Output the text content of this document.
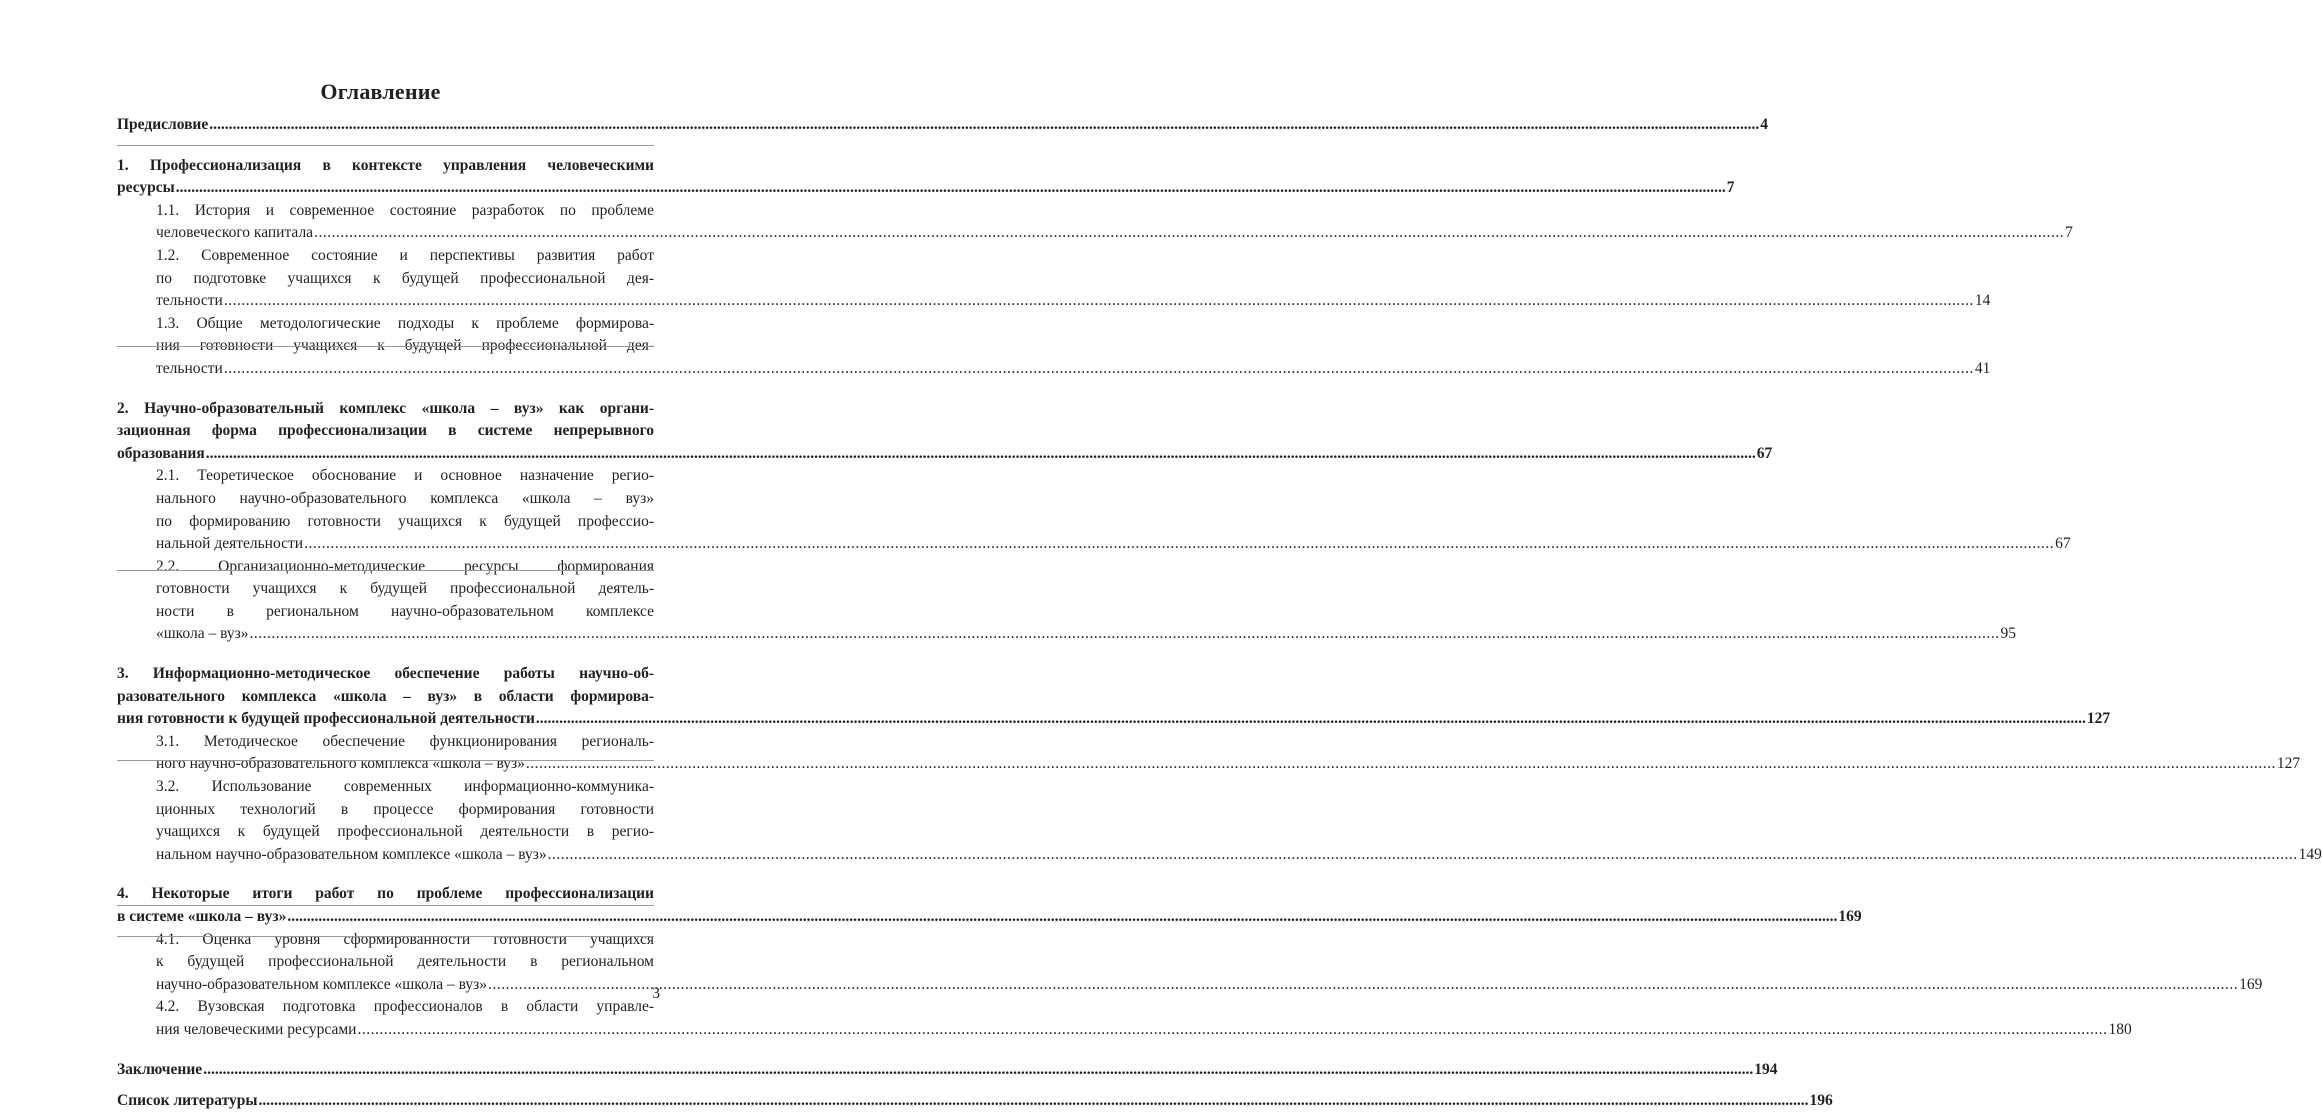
Оглавление
Предисловие .....	4
1. Профессионализация в контексте управления человеческими
ресурсы .....	7
1.1. История и современное состояние разработок по проблеме
человеческого капитала .....	7
1.2. Современное состояние и перспективы развития работ
по подготовке учащихся к будущей профессиональной дея-
тельности .....	14
1.3. Общие методологические подходы к проблеме формирова-
ния готовности учащихся к будущей профессиональной дея-
тельности .....	41
2. Научно-образовательный комплекс «школа – вуз» как органи-
зационная форма профессионализации в системе непрерывного
образования .....	67
2.1. Теоретическое обоснование и основное назначение регио-
нального научно-образовательного комплекса «школа – вуз»
по формированию готовности учащихся к будущей профессио-
нальной деятельности .....	67
2.2. Организационно-методические ресурсы формирования
готовности учащихся к будущей профессиональной деятель-
ности в региональном научно-образовательном комплексе
«школа – вуз» .....	95
3. Информационно-методическое обеспечение работы научно-об-
разовательного комплекса «школа – вуз» в области формирова-
ния готовности к будущей профессиональной деятельности .....	127
3.1. Методическое обеспечение функционирования региональ-
ного научно-образовательного комплекса «школа – вуз» .....	127
3.2. Использование современных информационно-коммуника-
ционных технологий в процессе формирования готовности
учащихся к будущей профессиональной деятельности в регио-
нальном научно-образовательном комплексе «школа – вуз» .....	149
4. Некоторые итоги работ по проблеме профессионализации
в системе «школа – вуз» .....	169
4.1. Оценка уровня сформированности готовности учащихся
к будущей профессиональной деятельности в региональном
научно-образовательном комплексе «школа – вуз» .....	169
4.2. Вузовская подготовка профессионалов в области управле-
ния человеческими ресурсами .....	180
Заключение .....	194
Список литературы .....	196
3
